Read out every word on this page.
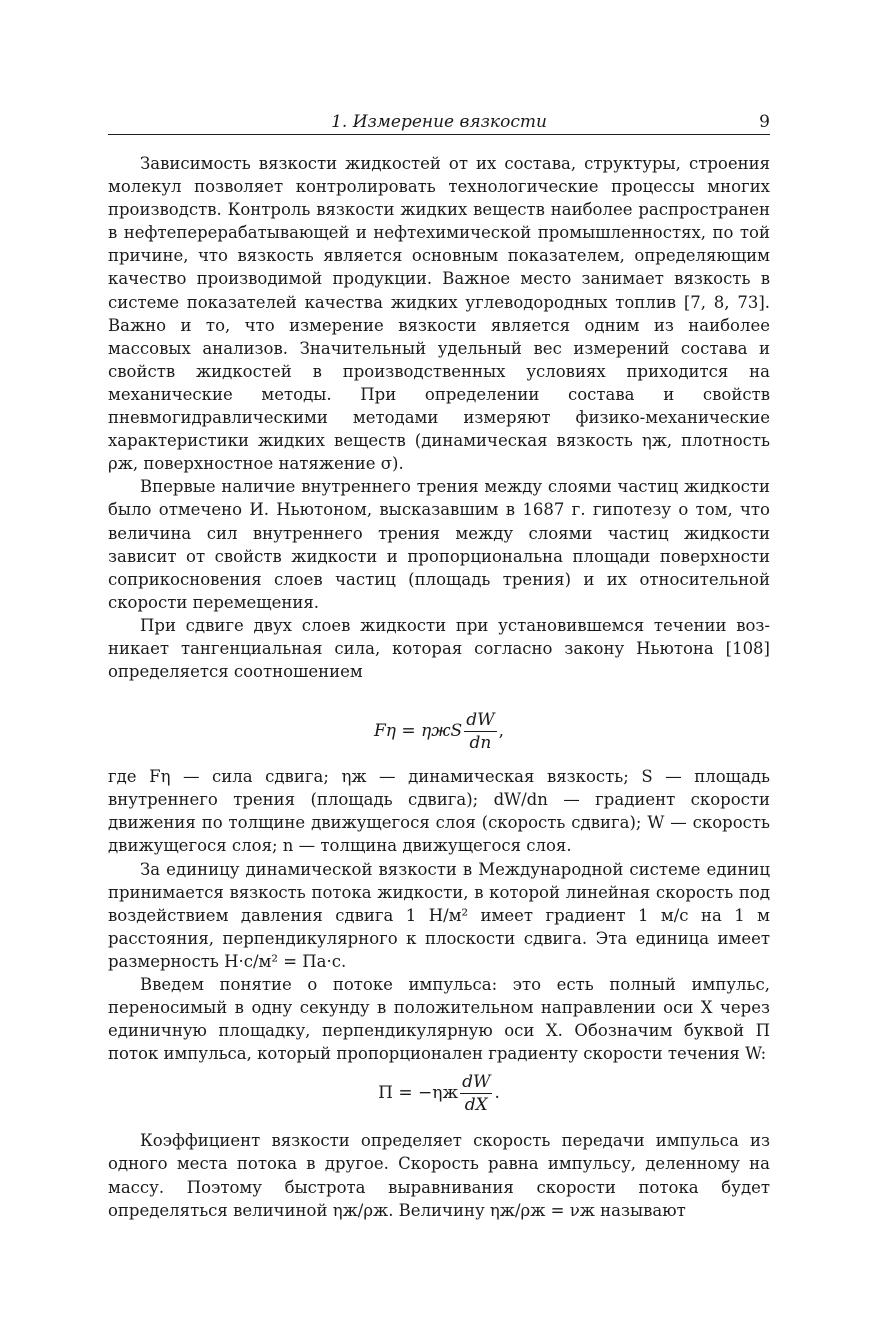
1. Измерение вязкости	9

Зависимость вязкости жидкостей от их состава, структуры, строения молекул позволяет контролировать технологические процессы многих производств. Контроль вязкости жидких веществ наиболее распространен в нефтеперерабатывающей и нефтехимической промышленностях, по той причине, что вязкость является основным показателем, определяющим качество производимой продукции. Важное место занимает вязкость в системе показателей качества жидких углеводородных топлив [7, 8, 73]. Важно и то, что измерение вязкости является одним из наиболее массовых анализов. Значительный удельный вес измерений состава и свойств жидкостей в производственных условиях приходится на механические методы. При определении состава и свойств пневмогидравлическими методами измеряют физико-механические характеристики жидких веществ (динамическая вязкость ηж, плотность ρж, поверхностное натяжение σ).

Впервые наличие внутреннего трения между слоями частиц жидкости было отмечено И. Ньютоном, высказавшим в 1687 г. гипотезу о том, что величина сил внутреннего трения между слоями частиц жидкости зависит от свойств жидкости и пропорциональна площади поверхности соприкосновения слоев частиц (площадь трения) и их относительной скорости перемещения.

При сдвиге двух слоев жидкости при установившемся течении возникает тангенциальная сила, которая согласно закону Ньютона [108] определяется соотношением

Fη = ηжS $\frac{dW}{dn}$ ,

где Fη — сила сдвига; ηж — динамическая вязкость; S — площадь внутреннего трения (площадь сдвига); dW/dn — градиент скорости движения по толщине движущегося слоя (скорость сдвига); W — скорость движущегося слоя; n — толщина движущегося слоя.

За единицу динамической вязкости в Международной системе единиц принимается вязкость потока жидкости, в которой линейная скорость под воздействием давления сдвига 1 Н/м² имеет градиент 1 м/с на 1 м расстояния, перпендикулярного к плоскости сдвига. Эта единица имеет размерность Н·с/м² = Па·с.

Введем понятие о потоке импульса: это есть полный импульс, переносимый в одну секунду в положительном направлении оси X через единичную площадку, перпендикулярную оси X. Обозначим буквой П поток импульса, который пропорционален градиенту скорости течения W:

$П = -\eta ж \frac{dW}{dX}$ .

Коэффициент вязкости определяет скорость передачи импульса из одного места потока в другое. Скорость равна импульсу, деленному на массу. Поэтому быстрота выравнивания скорости потока будет определяться величиной ηж/ρж. Величину ηж/ρж = νж называют
